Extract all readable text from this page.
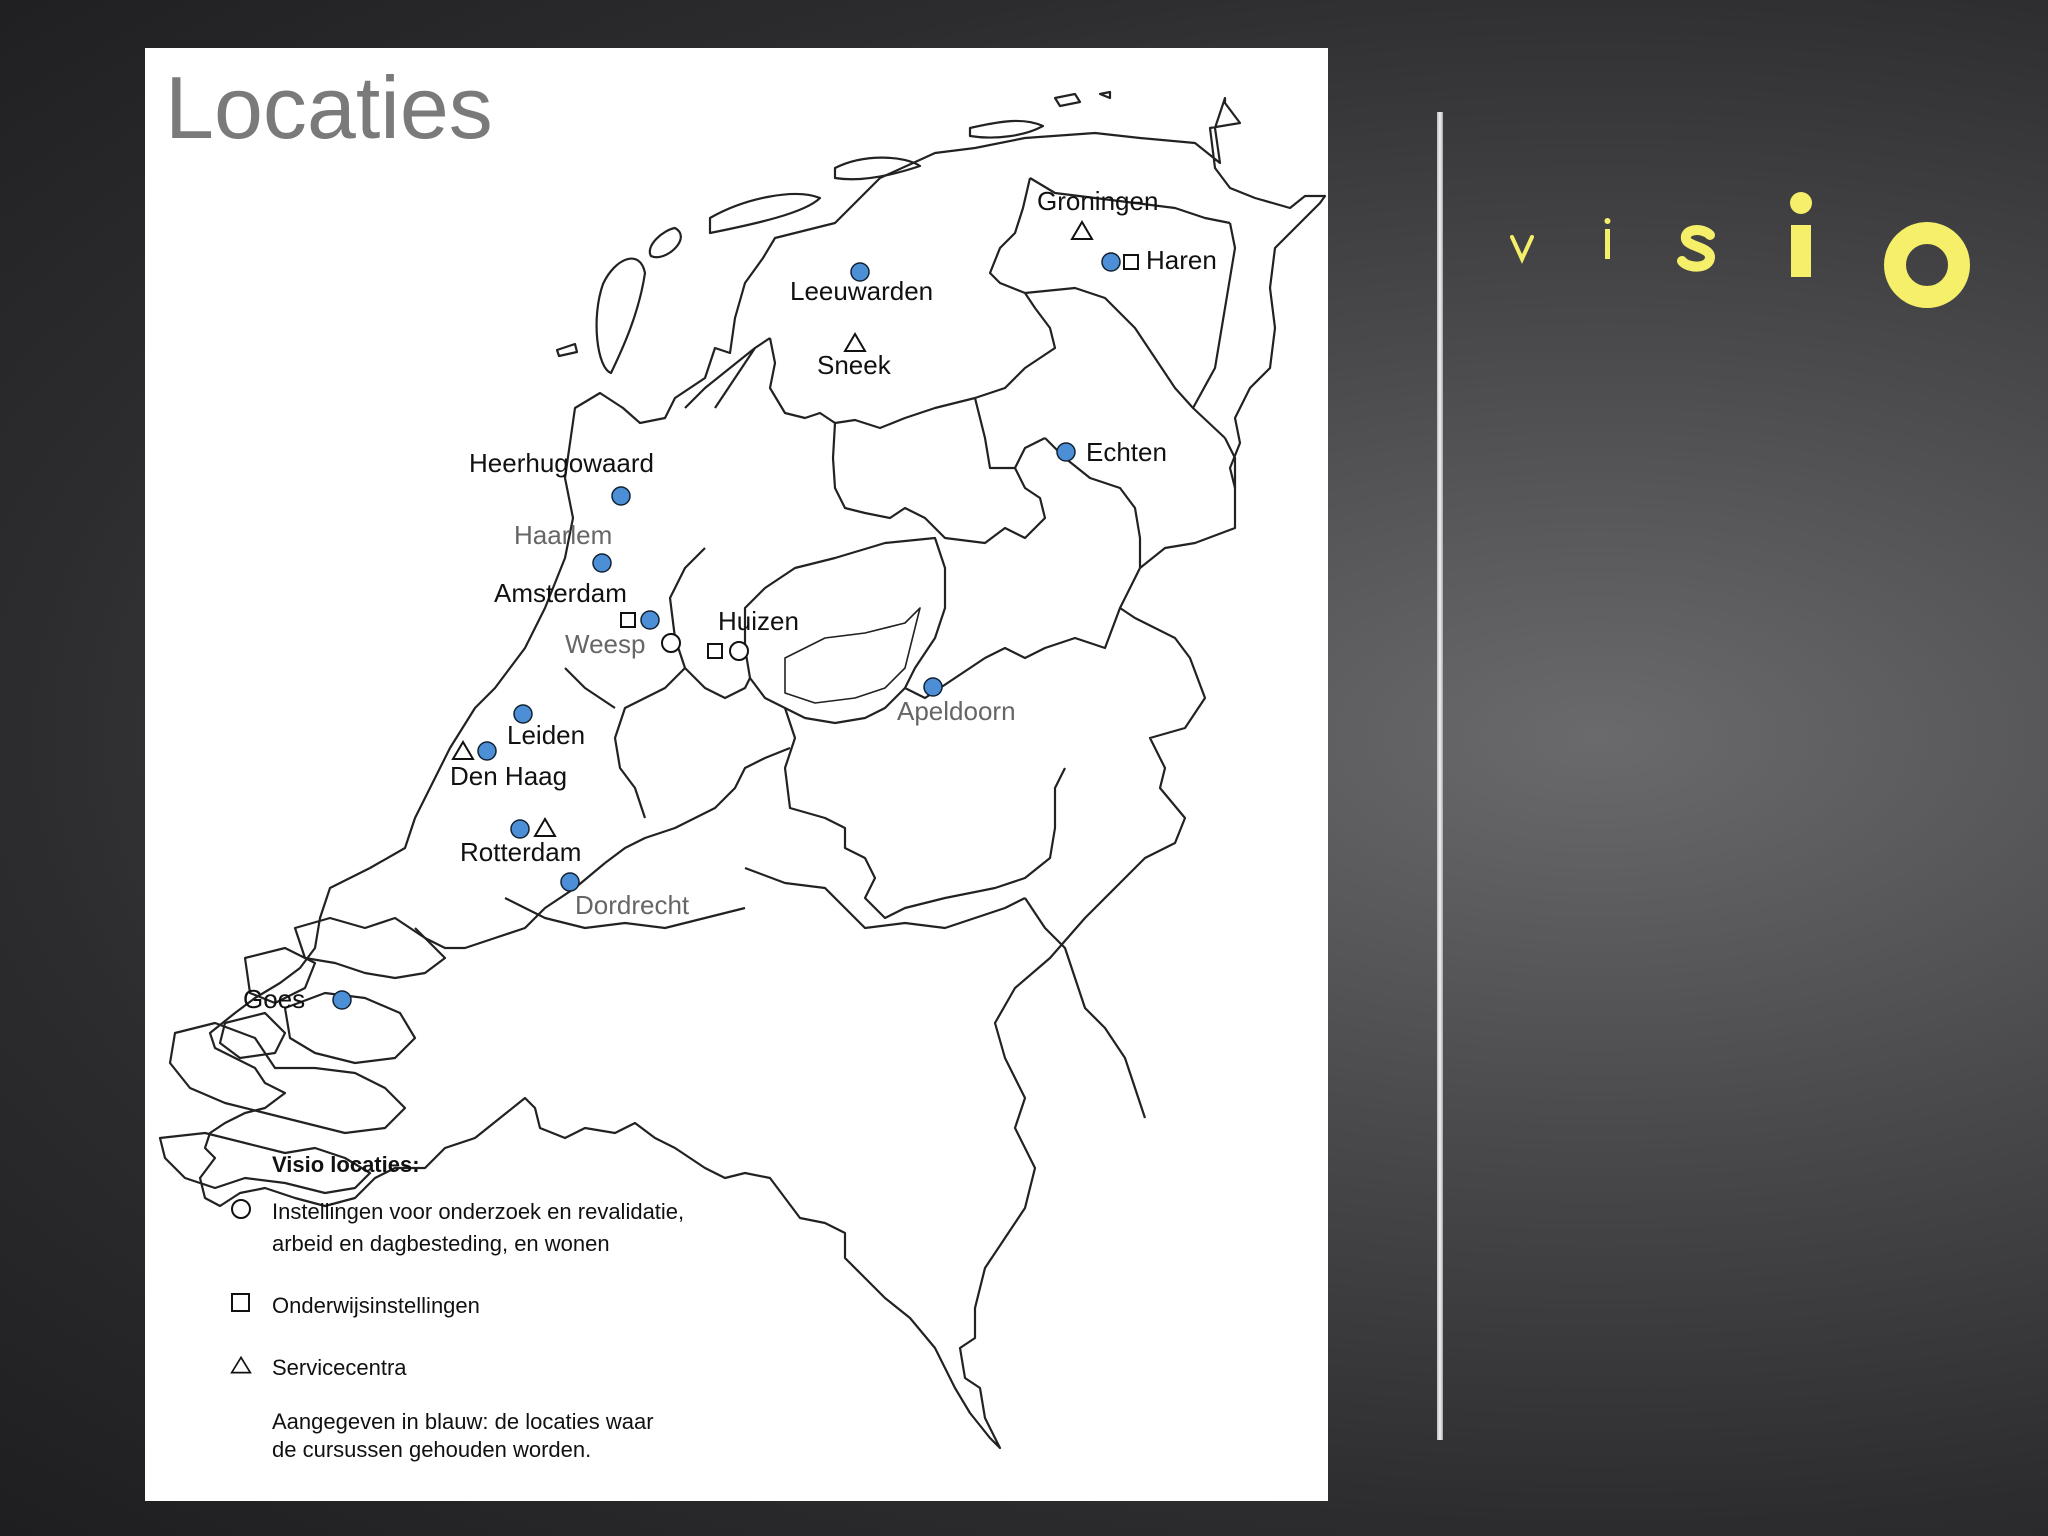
Locaties
Groningen
Haren
Leeuwarden
Sneek
Echten
Heerhugowaard
Haarlem
Amsterdam
Huizen
Weesp
Apeldoorn
Leiden
Den Haag
Rotterdam
Dordrecht
Goes
Visio locaties:
Instellingen voor onderzoek en revalidatie,
arbeid en dagbesteding, en wonen
Onderwijsinstellingen
Servicecentra
Aangegeven in blauw: de locaties waar
de cursussen gehouden worden.
